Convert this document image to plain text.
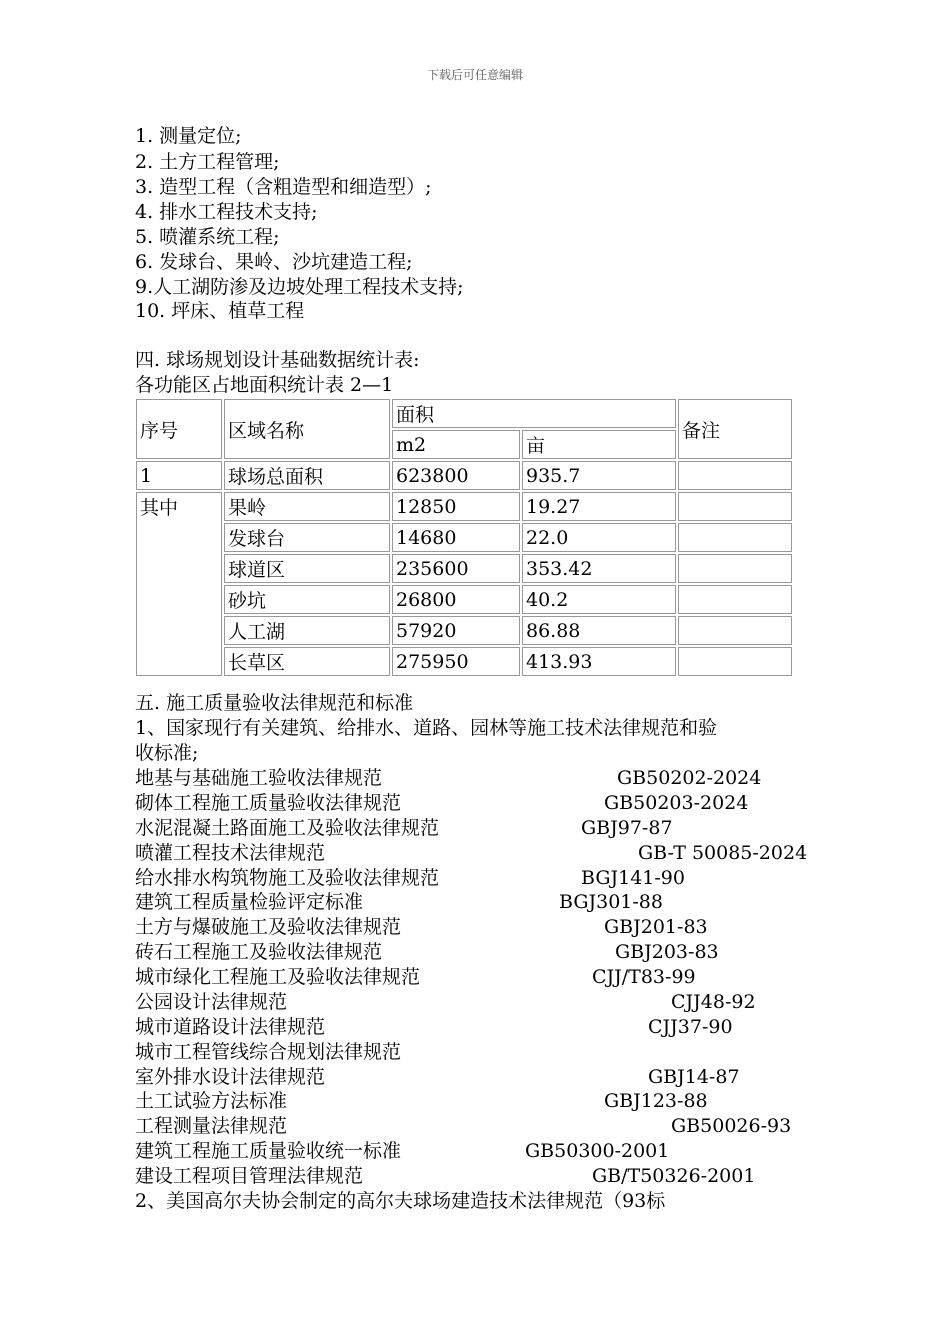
下载后可任意编辑
1. 测量定位;
2. 土方工程管理;
3. 造型工程（含粗造型和细造型）;
4. 排水工程技术支持;
5. 喷灌系统工程;
6. 发球台、果岭、沙坑建造工程;
9.人工湖防渗及边坡处理工程技术支持;
10. 坪床、植草工程
四. 球场规划设计基础数据统计表:
各功能区占地面积统计表 2—1
序号	区域名称	面积		备注
		m2	亩	
1	球场总面积	623800	935.7	
其中	果岭	12850	19.27	
	发球台	14680	22.0	
	球道区	235600	353.42	
	砂坑	26800	40.2	
	人工湖	57920	86.88	
	长草区	275950	413.93	
五. 施工质量验收法律规范和标准
1、国家现行有关建筑、给排水、道路、园林等施工技术法律规范和验
收标准;
地基与基础施工验收法律规范	GB50202-2024
砌体工程施工质量验收法律规范	GB50203-2024
水泥混凝土路面施工及验收法律规范	GBJ97-87
喷灌工程技术法律规范	GB-T 50085-2024
给水排水构筑物施工及验收法律规范	BGJ141-90
建筑工程质量检验评定标准	BGJ301-88
土方与爆破施工及验收法律规范	GBJ201-83
砖石工程施工及验收法律规范	GBJ203-83
城市绿化工程施工及验收法律规范	CJJ/T83-99
公园设计法律规范	CJJ48-92
城市道路设计法律规范	CJJ37-90
城市工程管线综合规划法律规范
室外排水设计法律规范	GBJ14-87
土工试验方法标准	GBJ123-88
工程测量法律规范	GB50026-93
建筑工程施工质量验收统一标准	GB50300-2001
建设工程项目管理法律规范	GB/T50326-2001
2、美国高尔夫协会制定的高尔夫球场建造技术法律规范（93标
